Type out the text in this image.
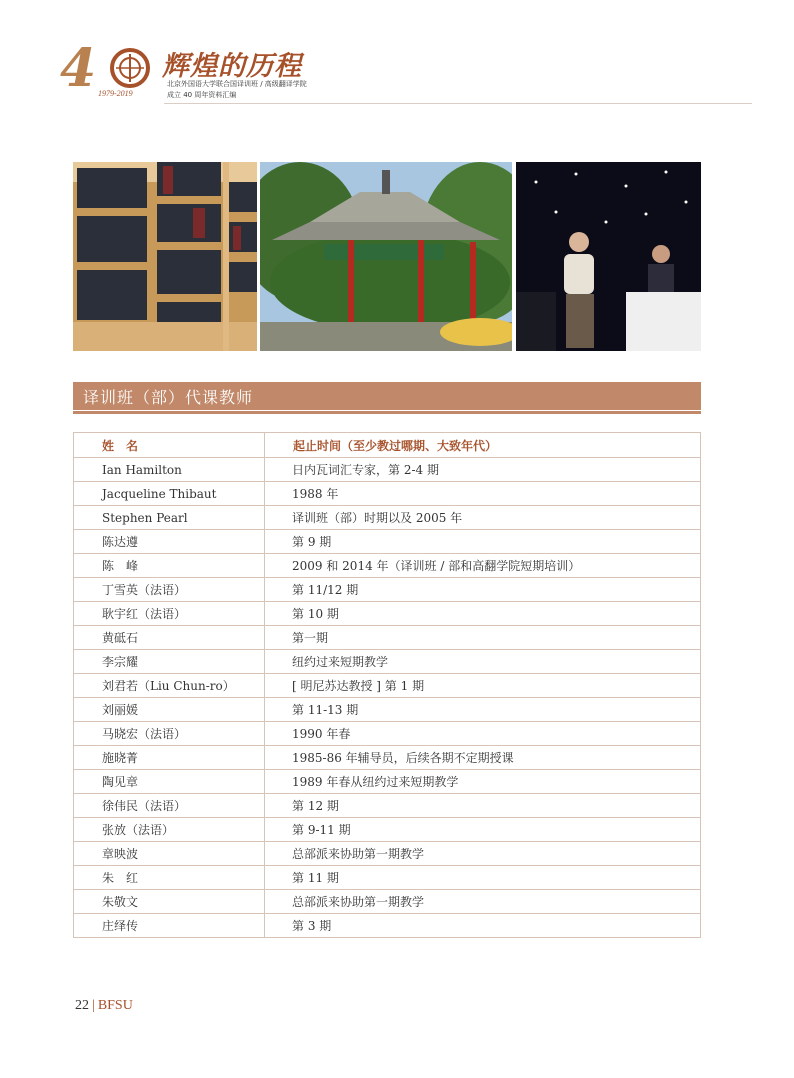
4 辉煌的历程
1979-2019
北京外国语大学联合国译训班 / 高级翻译学院
成立 40 周年资料汇编
译训班（部）代课教师
姓　名	起止时间（至少教过哪期、大致年代）
Ian Hamilton	日内瓦词汇专家，第 2-4 期
Jacqueline Thibaut	1988 年
Stephen Pearl	译训班（部）时期以及 2005 年
陈达遵	第 9 期
陈　峰	2009 和 2014 年（译训班 / 部和高翻学院短期培训）
丁雪英（法语）	第 11/12 期
耿宇红（法语）	第 10 期
黄砥石	第一期
李宗耀	纽约过来短期教学
刘君若（Liu Chun-ro）	[ 明尼苏达教授 ] 第 1 期
刘丽媛	第 11-13 期
马晓宏（法语）	1990 年春
施晓菁	1985-86 年辅导员，后续各期不定期授课
陶见章	1989 年春从纽约过来短期教学
徐伟民（法语）	第 12 期
张放（法语）	第 9-11 期
章映波	总部派来协助第一期教学
朱　红	第 11 期
朱敬文	总部派来协助第一期教学
庄绎传	第 3 期
22 | BFSU
